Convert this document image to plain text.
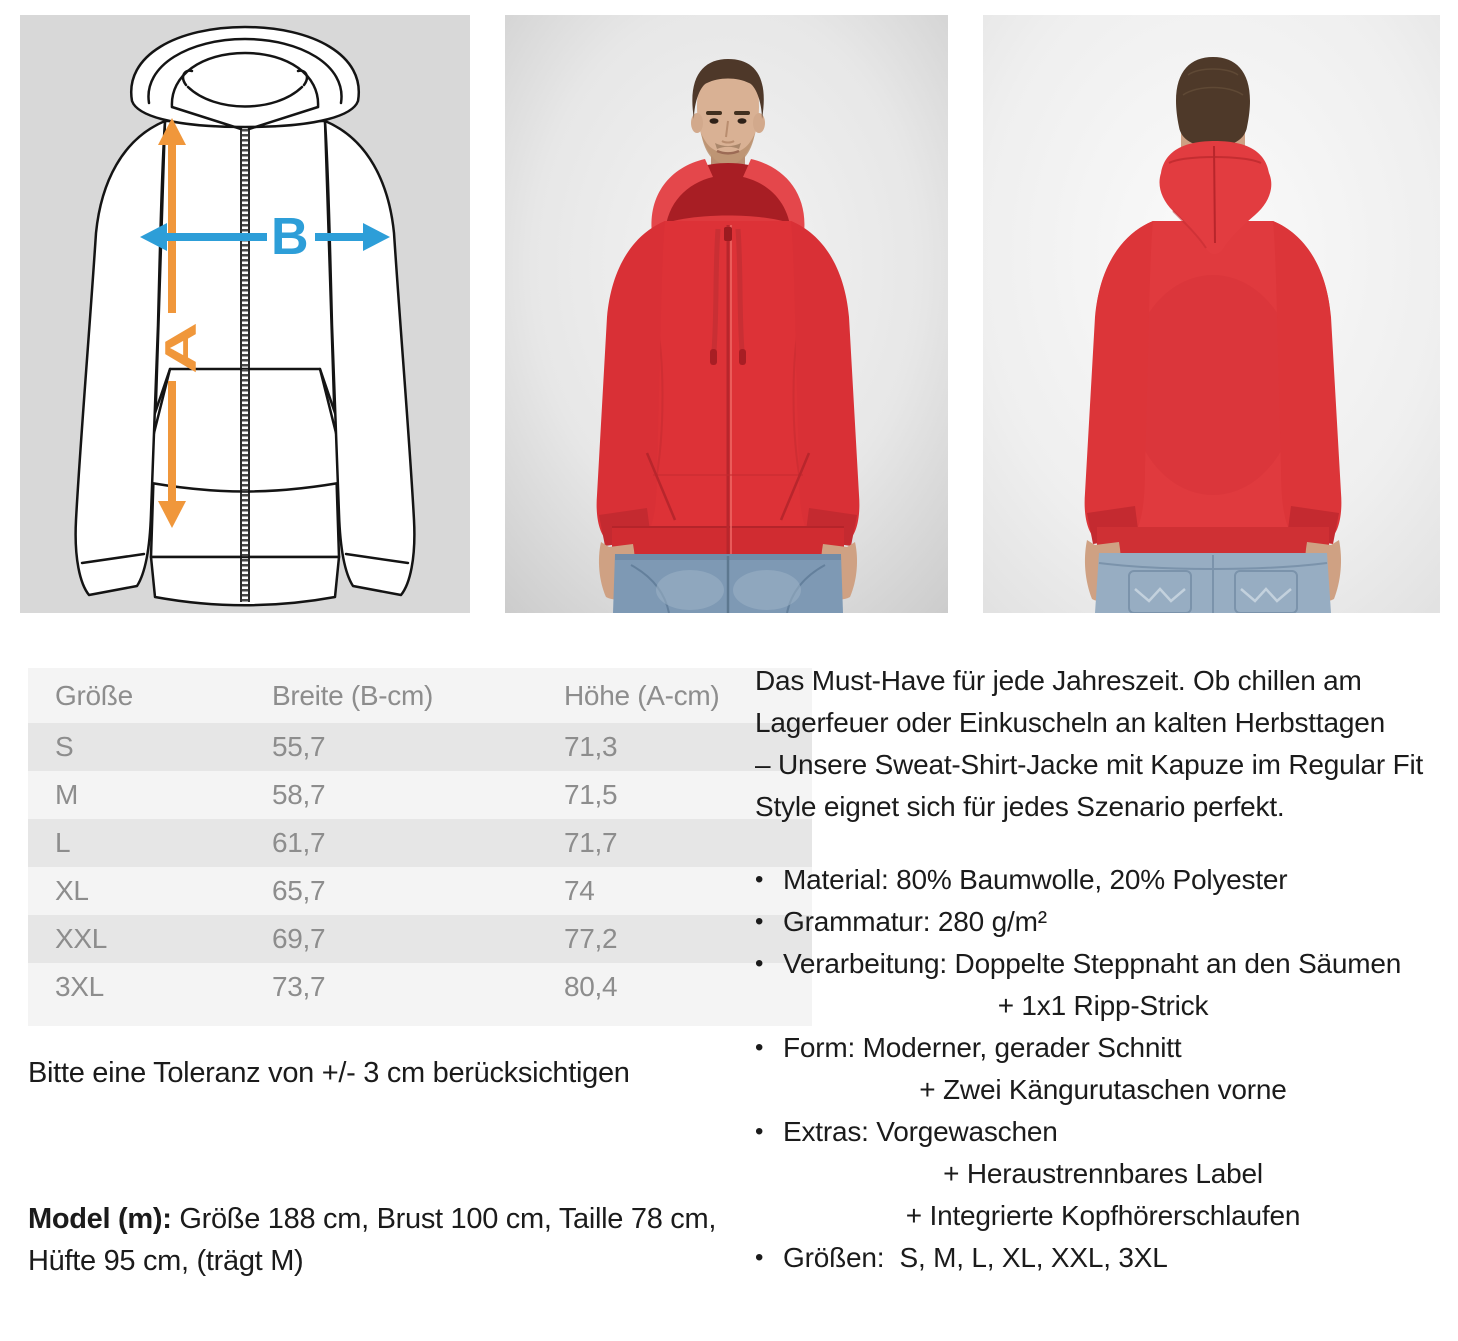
A
B
Größe	Breite (B-cm)	Höhe (A-cm)
S	55,7	71,3
M	58,7	71,5
L	61,7	71,7
XL	65,7	74
XXL	69,7	77,2
3XL	73,7	80,4

Bitte eine Toleranz von +/- 3 cm berücksichtigen

Model (m): Größe 188 cm, Brust 100 cm, Taille 78 cm,
Hüfte 95 cm, (trägt M)

Das Must-Have für jede Jahreszeit. Ob chillen am
Lagerfeuer oder Einkuscheln an kalten Herbsttagen
– Unsere Sweat-Shirt-Jacke mit Kapuze im Regular Fit
Style eignet sich für jedes Szenario perfekt.
• Material: 80% Baumwolle, 20% Polyester
• Grammatur: 280 g/m²
• Verarbeitung: Doppelte Steppnaht an den Säumen
+ 1x1 Ripp-Strick
• Form: Moderner, gerader Schnitt
+ Zwei Kängurutaschen vorne
• Extras: Vorgewaschen
+ Heraustrennbares Label
+ Integrierte Kopfhörerschlaufen
• Größen:  S, M, L, XL, XXL, 3XL
